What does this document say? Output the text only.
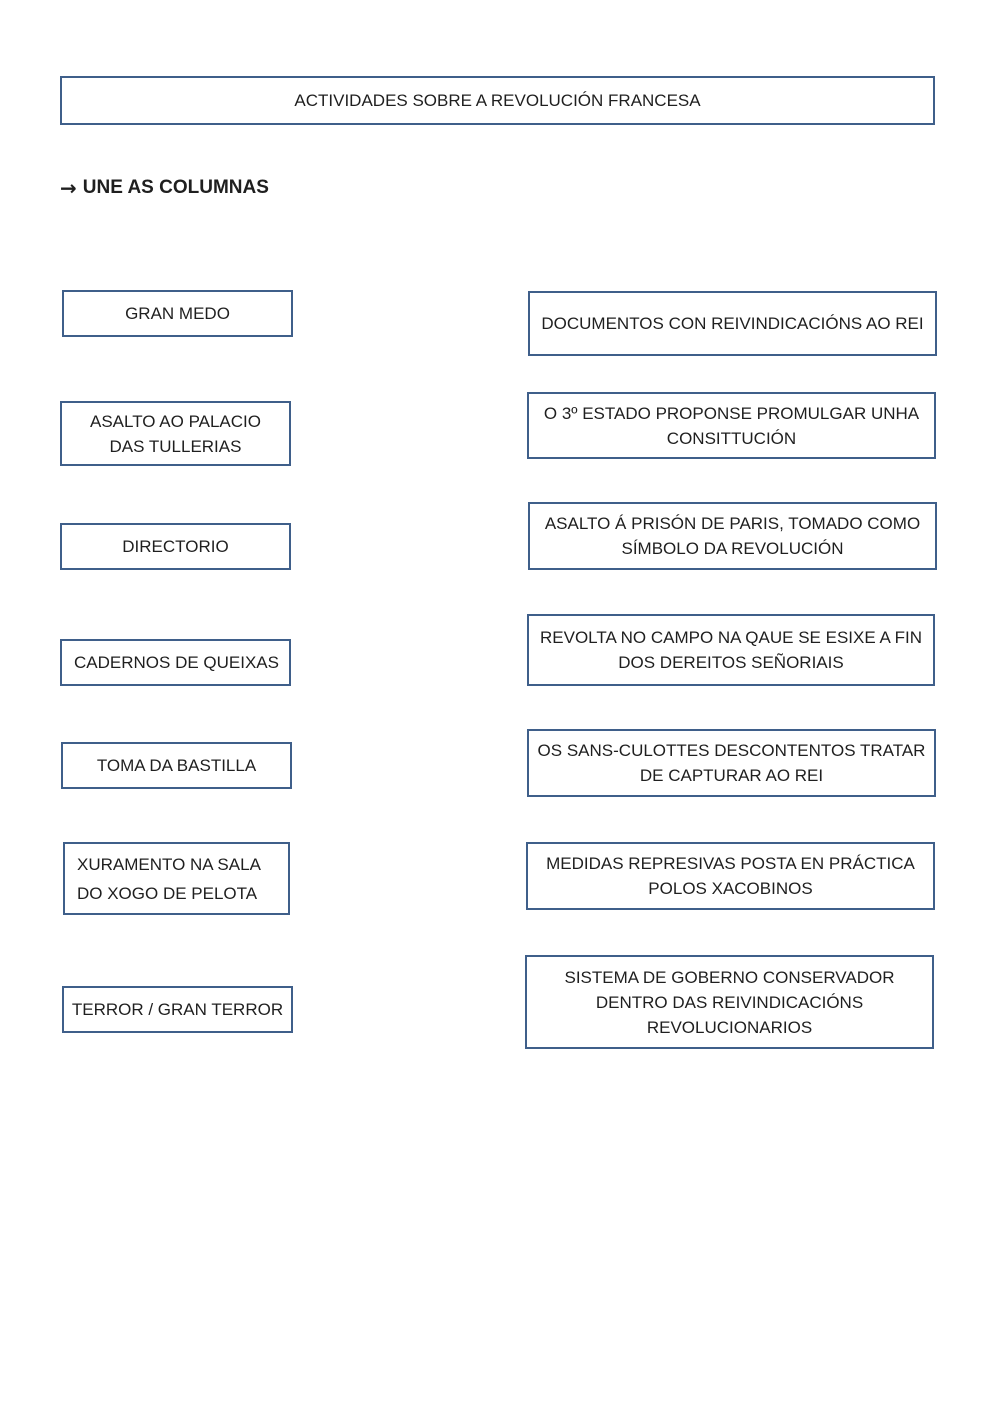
ACTIVIDADES SOBRE A REVOLUCIÓN FRANCESA
→ UNE AS COLUMNAS
GRAN MEDO
ASALTO AO PALACIO
DAS TULLERIAS
DIRECTORIO
CADERNOS DE QUEIXAS
TOMA DA BASTILLA
XURAMENTO NA SALA
DO XOGO DE PELOTA
TERROR / GRAN TERROR
DOCUMENTOS CON REIVINDICACIÓNS AO REI
O 3º ESTADO PROPONSE PROMULGAR UNHA
CONSITTUCIÓN
ASALTO Á PRISÓN DE PARIS, TOMADO COMO
SÍMBOLO DA REVOLUCIÓN
REVOLTA NO CAMPO NA QAUE SE ESIXE A FIN
DOS DEREITOS SEÑORIAIS
OS SANS-CULOTTES DESCONTENTOS TRATAR
DE CAPTURAR AO REI
MEDIDAS REPRESIVAS POSTA EN PRÁCTICA
POLOS XACOBINOS
SISTEMA DE GOBERNO CONSERVADOR
DENTRO DAS REIVINDICACIÓNS
REVOLUCIONARIOS
